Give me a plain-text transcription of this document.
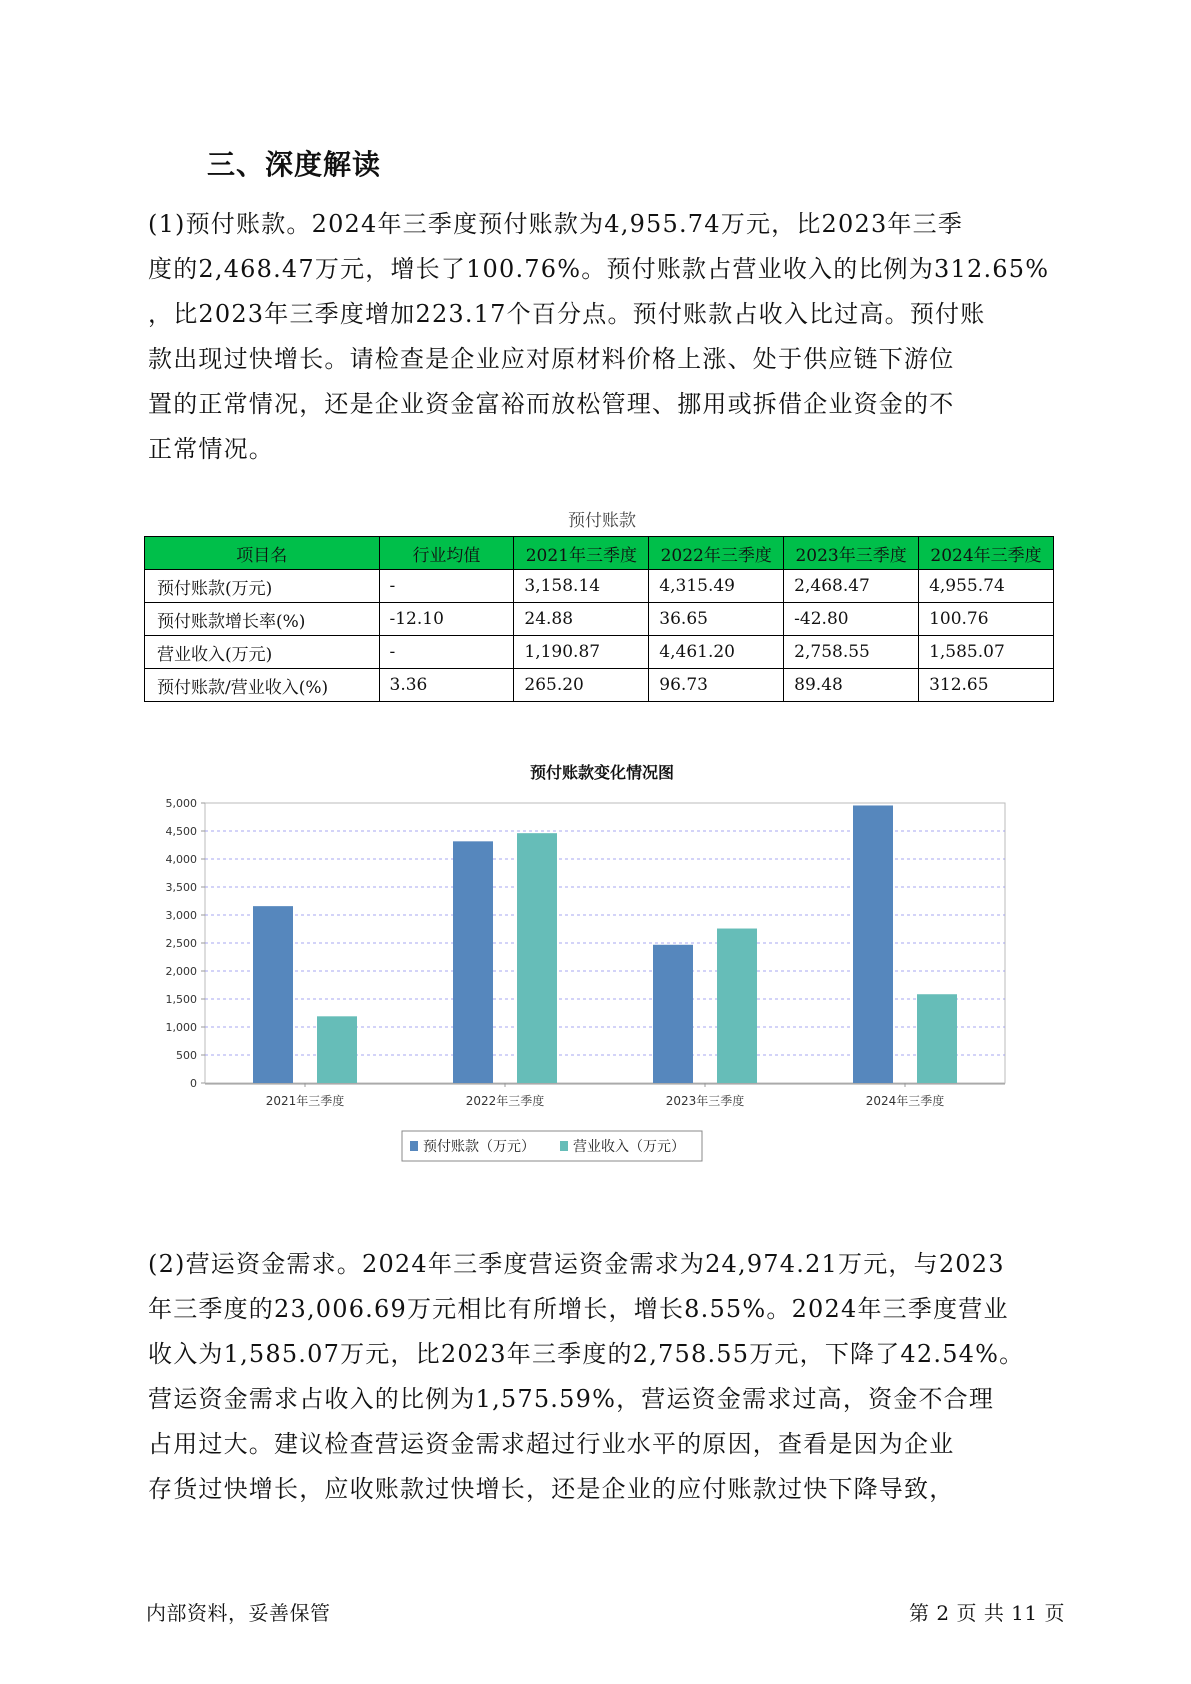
三、深度解读
(1)预付账款。2024年三季度预付账款为4,955.74万元，比2023年三季
度的2,468.47万元，增长了100.76%。预付账款占营业收入的比例为312.65%
，比2023年三季度增加223.17个百分点。预付账款占收入比过高。预付账
款出现过快增长。请检查是企业应对原材料价格上涨、处于供应链下游位
置的正常情况，还是企业资金富裕而放松管理、挪用或拆借企业资金的不
正常情况。
预付账款
项目名	行业均值	2021年三季度	2022年三季度	2023年三季度	2024年三季度
预付账款(万元)	-	3,158.14	4,315.49	2,468.47	4,955.74
预付账款增长率(%)	-12.10	24.88	36.65	-42.80	100.76
营业收入(万元)	-	1,190.87	4,461.20	2,758.55	1,585.07
预付账款/营业收入(%)	3.36	265.20	96.73	89.48	312.65
预付账款变化情况图
0
500
1,000
1,500
2,000
2,500
3,000
3,500
4,000
4,500
5,000
2021年三季度	2022年三季度	2023年三季度	2024年三季度
预付账款（万元）	营业收入（万元）
(2)营运资金需求。2024年三季度营运资金需求为24,974.21万元，与2023
年三季度的23,006.69万元相比有所增长，增长8.55%。2024年三季度营业
收入为1,585.07万元，比2023年三季度的2,758.55万元，下降了42.54%。
营运资金需求占收入的比例为1,575.59%，营运资金需求过高，资金不合理
占用过大。建议检查营运资金需求超过行业水平的原因，查看是因为企业
存货过快增长，应收账款过快增长，还是企业的应付账款过快下降导致，
内部资料，妥善保管	第 2 页 共 11 页
